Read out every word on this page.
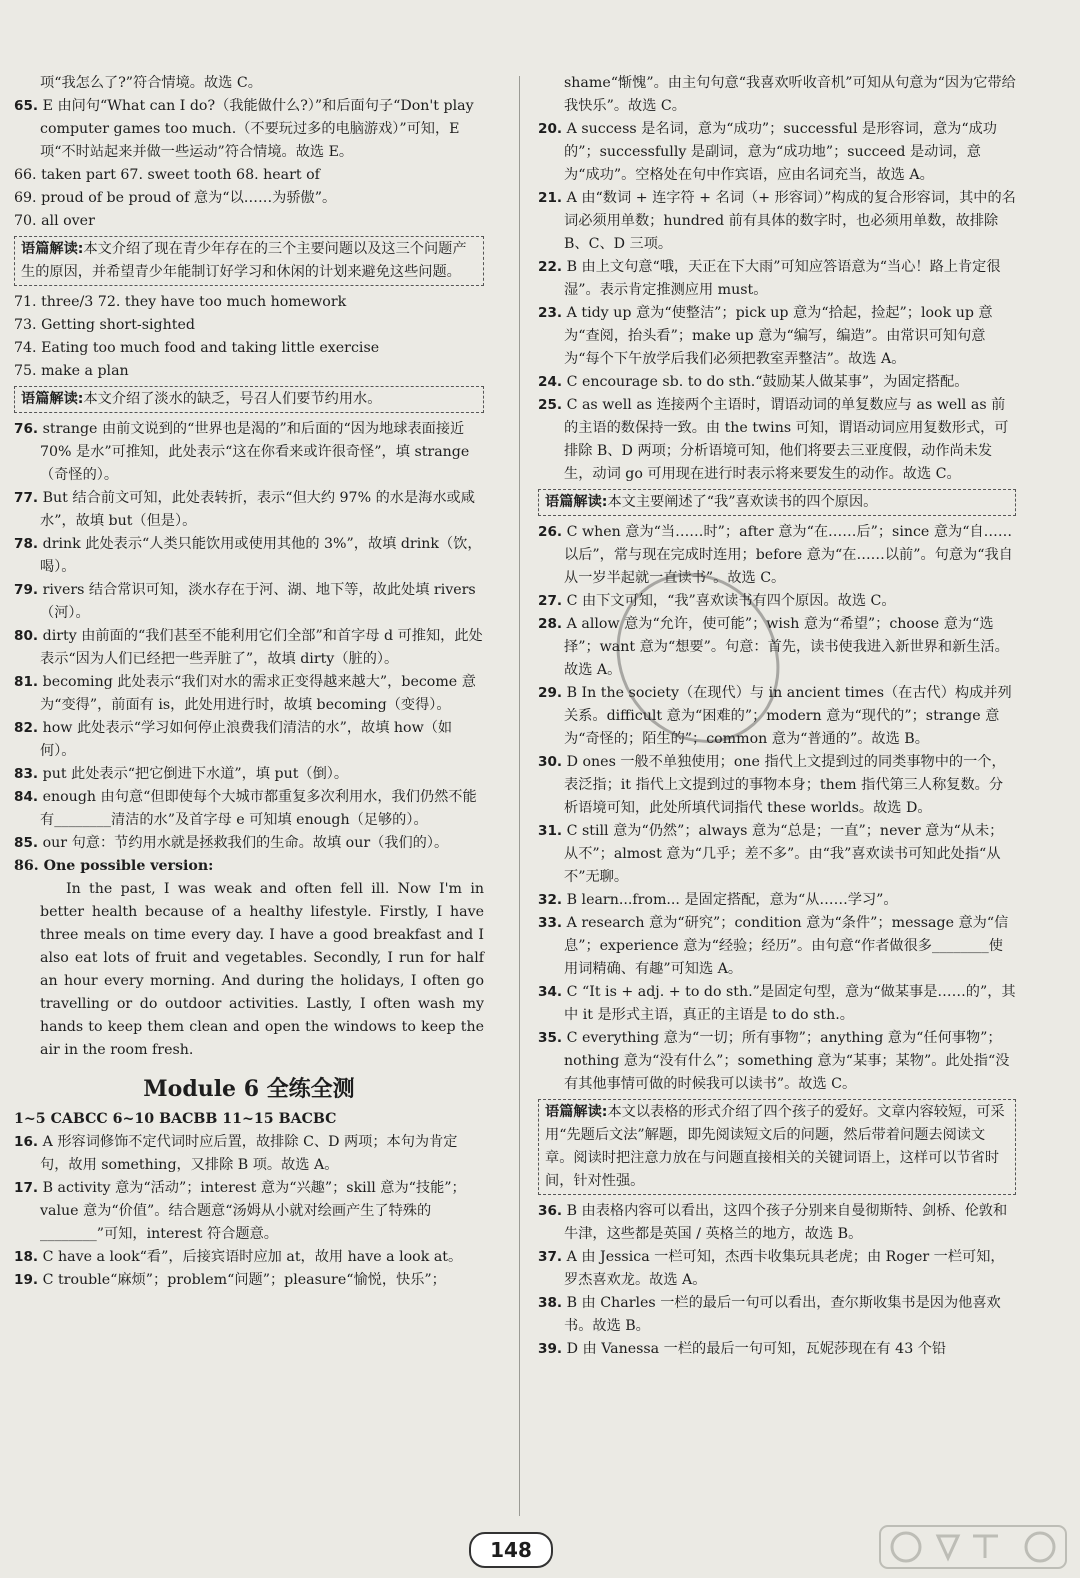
项“我怎么了?”符合情境。故选 C。

65. E 由问句“What can I do?（我能做什么?）”和后面句子“Don't play computer games too much.（不要玩过多的电脑游戏）”可知，E 项“不时站起来并做一些运动”符合情境。故选 E。

66. taken part 67. sweet tooth 68. heart of

69. proud of be proud of 意为“以……为骄傲”。

70. all over

语篇解读:本文介绍了现在青少年存在的三个主要问题以及这三个问题产生的原因，并希望青少年能制订好学习和休闲的计划来避免这些问题。

71. three/3 72. they have too much homework

73. Getting short-sighted

74. Eating too much food and taking little exercise

75. make a plan

语篇解读:本文介绍了淡水的缺乏，号召人们要节约用水。

76. strange 由前文说到的“世界也是渴的”和后面的“因为地球表面接近 70% 是水”可推知，此处表示“这在你看来或许很奇怪”，填 strange（奇怪的）。

77. But 结合前文可知，此处表转折，表示“但大约 97% 的水是海水或咸水”，故填 but（但是）。

78. drink 此处表示“人类只能饮用或使用其他的 3%”，故填 drink（饮，喝）。

79. rivers 结合常识可知，淡水存在于河、湖、地下等，故此处填 rivers（河）。

80. dirty 由前面的“我们甚至不能利用它们全部”和首字母 d 可推知，此处表示“因为人们已经把一些弄脏了”，故填 dirty（脏的）。

81. becoming 此处表示“我们对水的需求正变得越来越大”，become 意为“变得”，前面有 is，此处用进行时，故填 becoming（变得）。

82. how 此处表示“学习如何停止浪费我们清洁的水”，故填 how（如何）。

83. put 此处表示“把它倒进下水道”，填 put（倒）。

84. enough 由句意“但即使每个大城市都重复多次利用水，我们仍然不能有________清洁的水”及首字母 e 可知填 enough（足够的）。

85. our 句意：节约用水就是拯救我们的生命。故填 our（我们的）。

86. One possible version:

In the past, I was weak and often fell ill. Now I'm in better health because of a healthy lifestyle. Firstly, I have three meals on time every day. I have a good breakfast and I also eat lots of fruit and vegetables. Secondly, I run for half an hour every morning. And during the holidays, I often go travelling or do outdoor activities. Lastly, I often wash my hands to keep them clean and open the windows to keep the air in the room fresh.

Module 6 全练全测

1~5 CABCC 6~10 BACBB 11~15 BACBC

16. A 形容词修饰不定代词时应后置，故排除 C、D 两项；本句为肯定句，故用 something，又排除 B 项。故选 A。

17. B activity 意为“活动”；interest 意为“兴趣”；skill 意为“技能”；value 意为“价值”。结合题意“汤姆从小就对绘画产生了特殊的________”可知，interest 符合题意。

18. C have a look“看”，后接宾语时应加 at，故用 have a look at。

19. C trouble“麻烦”；problem“问题”；pleasure“愉悦，快乐”；

shame“惭愧”。由主句句意“我喜欢听收音机”可知从句意为“因为它带给我快乐”。故选 C。

20. A success 是名词，意为“成功”；successful 是形容词，意为“成功的”；successfully 是副词，意为“成功地”；succeed 是动词，意为“成功”。空格处在句中作宾语，应由名词充当，故选 A。

21. A 由“数词 + 连字符 + 名词（+ 形容词）”构成的复合形容词，其中的名词必须用单数；hundred 前有具体的数字时，也必须用单数，故排除 B、C、D 三项。

22. B 由上文句意“哦，天正在下大雨”可知应答语意为“当心！路上肯定很湿”。表示肯定推测应用 must。

23. A tidy up 意为“使整洁”；pick up 意为“拾起，捡起”；look up 意为“查阅，抬头看”；make up 意为“编写，编造”。由常识可知句意为“每个下午放学后我们必须把教室弄整洁”。故选 A。

24. C encourage sb. to do sth.“鼓励某人做某事”，为固定搭配。

25. C as well as 连接两个主语时，谓语动词的单复数应与 as well as 前的主语的数保持一致。由 the twins 可知，谓语动词应用复数形式，可排除 B、D 两项；分析语境可知，他们将要去三亚度假，动作尚未发生，动词 go 可用现在进行时表示将来要发生的动作。故选 C。

语篇解读:本文主要阐述了“我”喜欢读书的四个原因。

26. C when 意为“当……时”；after 意为“在……后”；since 意为“自……以后”，常与现在完成时连用；before 意为“在……以前”。句意为“我自从一岁半起就一直读书”。故选 C。

27. C 由下文可知，“我”喜欢读书有四个原因。故选 C。

28. A allow 意为“允许，使可能”；wish 意为“希望”；choose 意为“选择”；want 意为“想要”。句意：首先，读书使我进入新世界和新生活。故选 A。

29. B In the society（在现代）与 in ancient times（在古代）构成并列关系。difficult 意为“困难的”；modern 意为“现代的”；strange 意为“奇怪的；陌生的”；common 意为“普通的”。故选 B。

30. D ones 一般不单独使用；one 指代上文提到过的同类事物中的一个，表泛指；it 指代上文提到过的事物本身；them 指代第三人称复数。分析语境可知，此处所填代词指代 these worlds。故选 D。

31. C still 意为“仍然”；always 意为“总是；一直”；never 意为“从未；从不”；almost 意为“几乎；差不多”。由“我”喜欢读书可知此处指“从不”无聊。

32. B learn...from... 是固定搭配，意为“从……学习”。

33. A research 意为“研究”；condition 意为“条件”；message 意为“信息”；experience 意为“经验；经历”。由句意“作者做很多________使用词精确、有趣”可知选 A。

34. C “It is + adj. + to do sth.”是固定句型，意为“做某事是……的”，其中 it 是形式主语，真正的主语是 to do sth.。

35. C everything 意为“一切；所有事物”；anything 意为“任何事物”；nothing 意为“没有什么”；something 意为“某事；某物”。此处指“没有其他事情可做的时候我可以读书”。故选 C。

语篇解读:本文以表格的形式介绍了四个孩子的爱好。文章内容较短，可采用“先题后文法”解题，即先阅读短文后的问题，然后带着问题去阅读文章。阅读时把注意力放在与问题直接相关的关键词语上，这样可以节省时间，针对性强。

36. B 由表格内容可以看出，这四个孩子分别来自曼彻斯特、剑桥、伦敦和牛津，这些都是英国 / 英格兰的地方，故选 B。

37. A 由 Jessica 一栏可知，杰西卡收集玩具老虎；由 Roger 一栏可知，罗杰喜欢龙。故选 A。

38. B 由 Charles 一栏的最后一句可以看出，查尔斯收集书是因为他喜欢书。故选 B。

39. D 由 Vanessa 一栏的最后一句可知，瓦妮莎现在有 43 个铅

148
